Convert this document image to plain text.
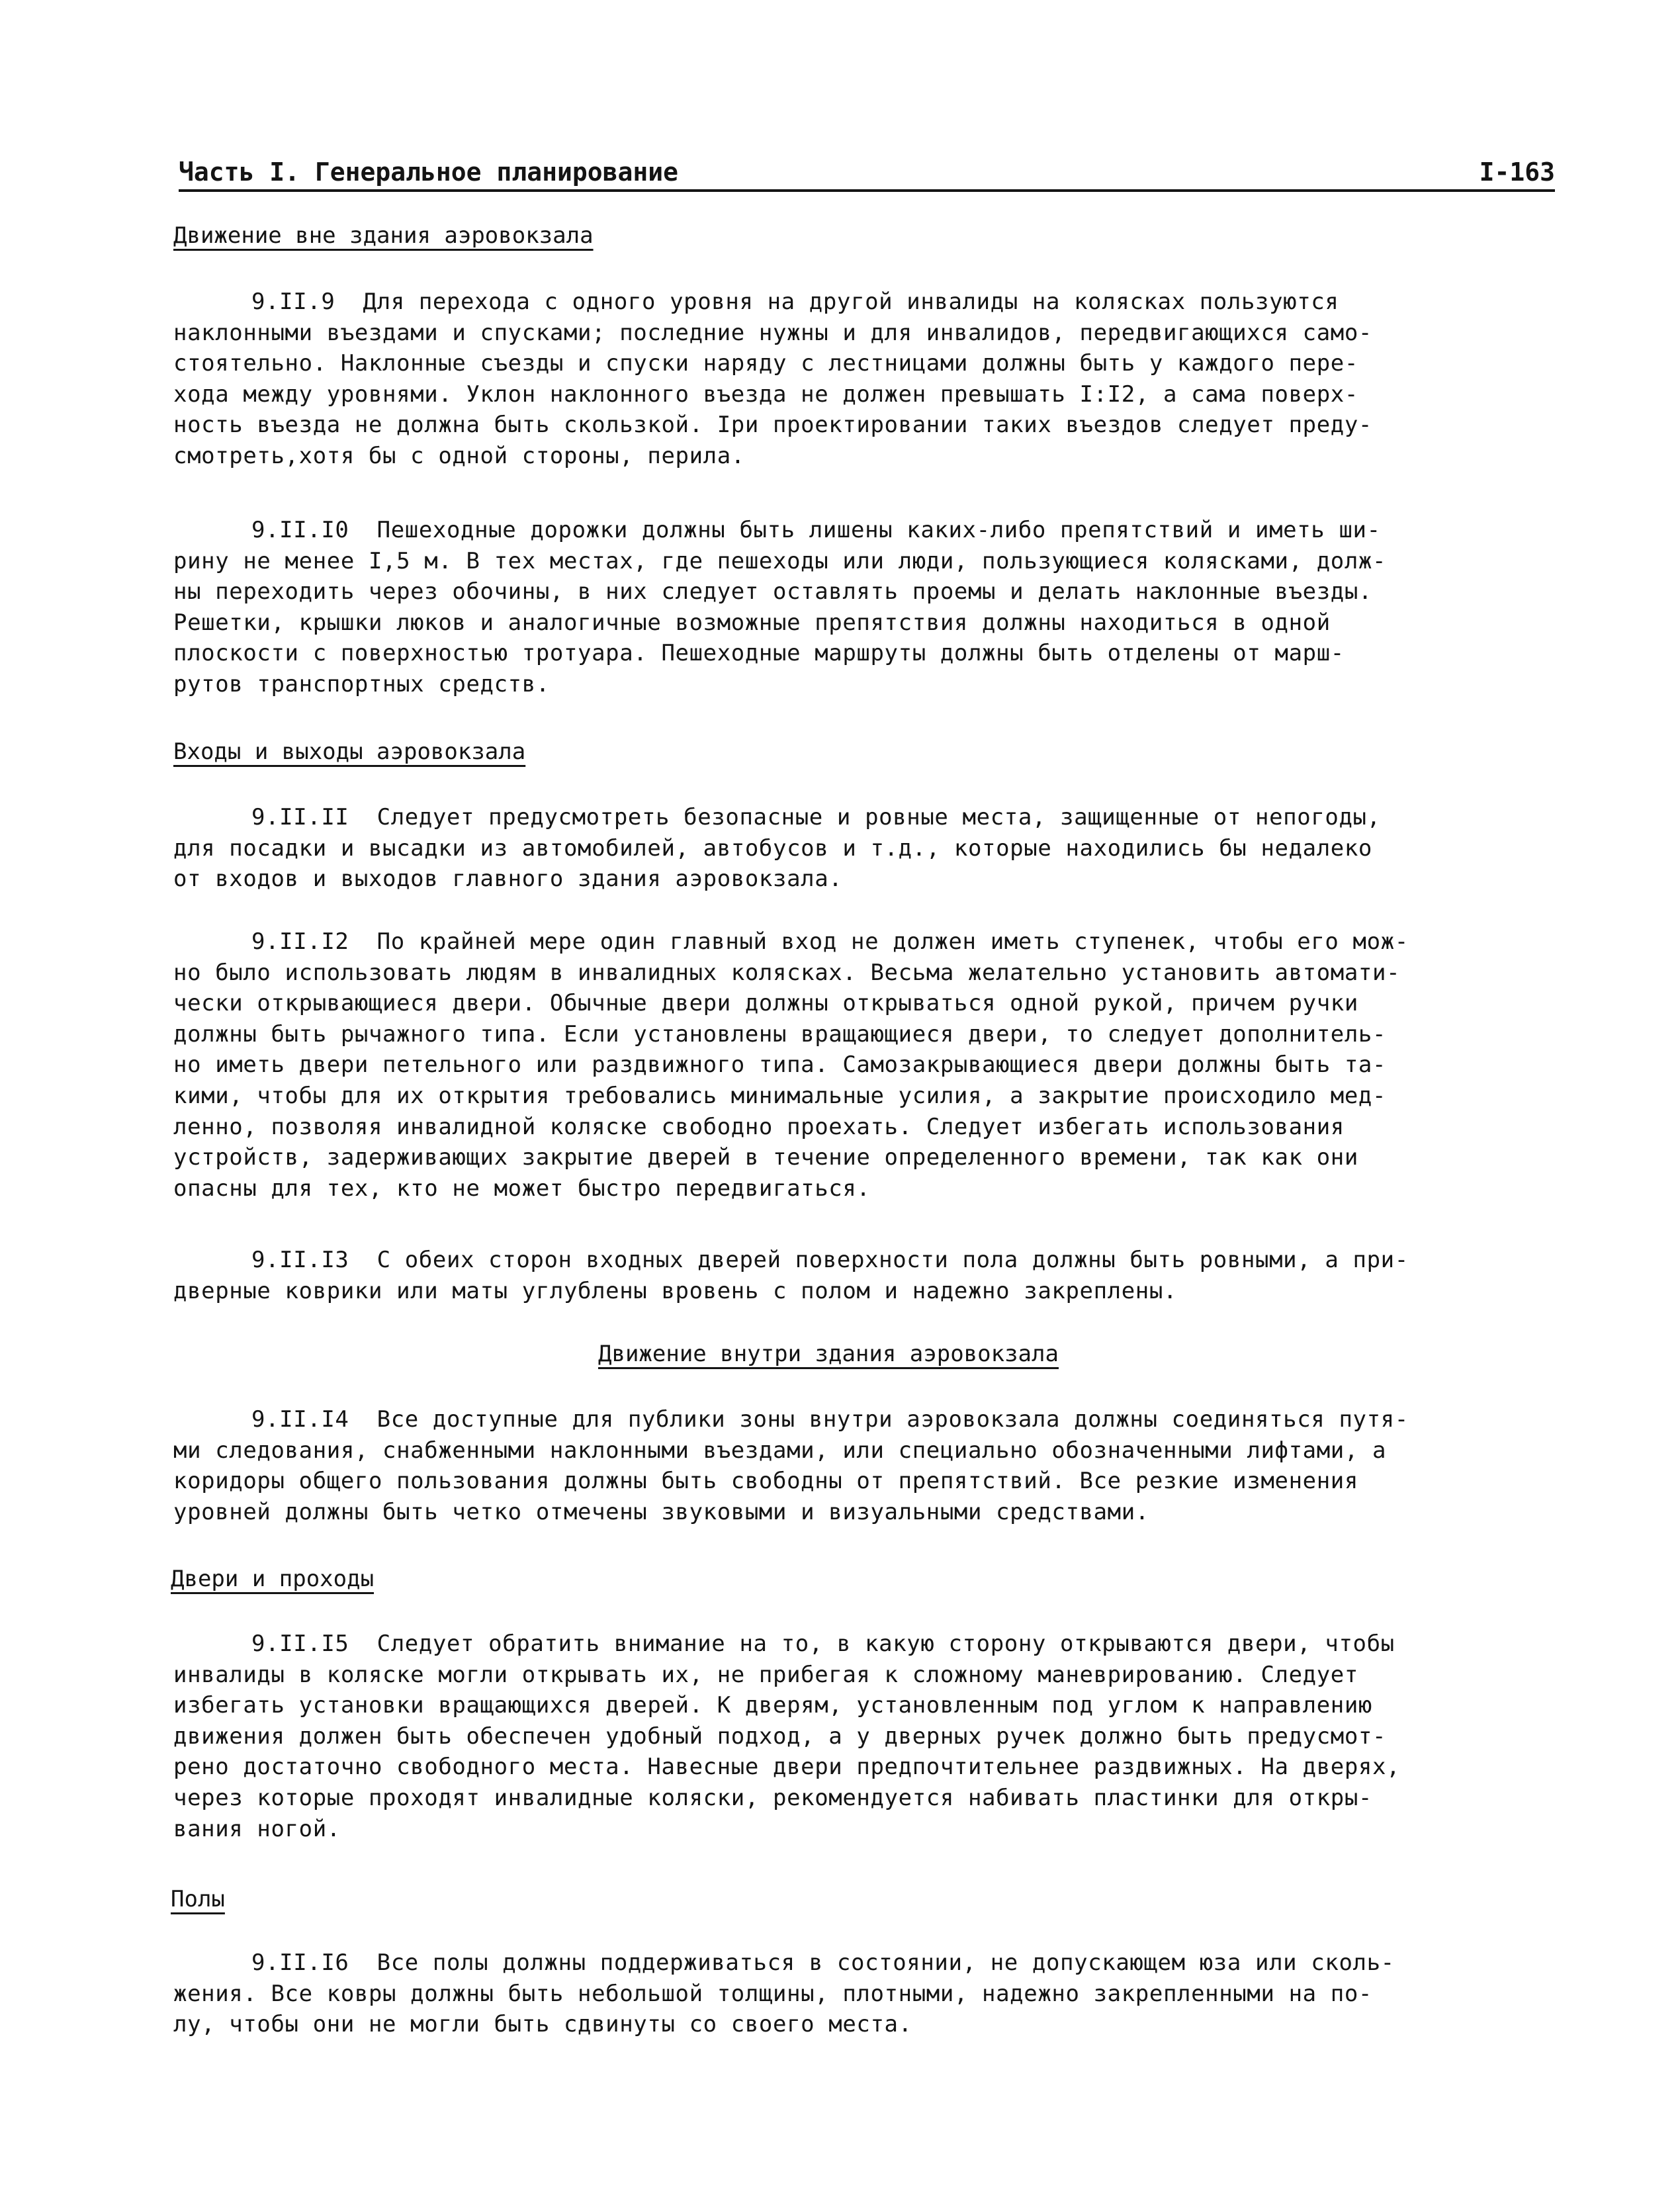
Часть I. Генеральное планирование	I-163
Движение вне здания аэровокзала
9.II.9  Для перехода с одного уровня на другой инвалиды на колясках пользуются
наклонными въездами и спусками; последние нужны и для инвалидов, передвигающихся само-
стоятельно. Наклонные съезды и спуски наряду с лестницами должны быть у каждого пере-
хода между уровнями. Уклон наклонного въезда не должен превышать I:I2, а сама поверх-
ность въезда не должна быть скользкой. Іри проектировании таких въездов следует преду-
смотреть,хотя бы с одной стороны, перила.
9.II.I0  Пешеходные дорожки должны быть лишены каких-либо препятствий и иметь ши-
рину не менее I,5 м. В тех местах, где пешеходы или люди, пользующиеся колясками, долж-
ны переходить через обочины, в них следует оставлять проемы и делать наклонные въезды.
Решетки, крышки люков и аналогичные возможные препятствия должны находиться в одной
плоскости с поверхностью тротуара. Пешеходные маршруты должны быть отделены от марш-
рутов транспортных средств.
Входы и выходы аэровокзала
9.II.II  Следует предусмотреть безопасные и ровные места, защищенные от непогоды,
для посадки и высадки из автомобилей, автобусов и т.д., которые находились бы недалеко
от входов и выходов главного здания аэровокзала.
9.II.I2  По крайней мере один главный вход не должен иметь ступенек, чтобы его мож-
но было использовать людям в инвалидных колясках. Весьма желательно установить автомати-
чески открывающиеся двери. Обычные двери должны открываться одной рукой, причем ручки
должны быть рычажного типа. Если установлены вращающиеся двери, то следует дополнитель-
но иметь двери петельного или раздвижного типа. Самозакрывающиеся двери должны быть та-
кими, чтобы для их открытия требовались минимальные усилия, а закрытие происходило мед-
ленно, позволяя инвалидной коляске свободно проехать. Следует избегать использования
устройств, задерживающих закрытие дверей в течение определенного времени, так как они
опасны для тех, кто не может быстро передвигаться.
9.II.I3  С обеих сторон входных дверей поверхности пола должны быть ровными, а при-
дверные коврики или маты углублены вровень с полом и надежно закреплены.
Движение внутри здания аэровокзала
9.II.I4  Все доступные для публики зоны внутри аэровокзала должны соединяться путя-
ми следования, снабженными наклонными въездами, или специально обозначенными лифтами, а
коридоры общего пользования должны быть свободны от препятствий. Все резкие изменения
уровней должны быть четко отмечены звуковыми и визуальными средствами.
Двери и проходы
9.II.I5  Следует обратить внимание на то, в какую сторону открываются двери, чтобы
инвалиды в коляске могли открывать их, не прибегая к сложному маневрированию. Следует
избегать установки вращающихся дверей. К дверям, установленным под углом к направлению
движения должен быть обеспечен удобный подход, а у дверных ручек должно быть предусмот-
рено достаточно свободного места. Навесные двери предпочтительнее раздвижных. На дверях,
через которые проходят инвалидные коляски, рекомендуется набивать пластинки для откры-
вания ногой.
Полы
9.II.I6  Все полы должны поддерживаться в состоянии, не допускающем юза или сколь-
жения. Все ковры должны быть небольшой толщины, плотными, надежно закрепленными на по-
лу, чтобы они не могли быть сдвинуты со своего места.
